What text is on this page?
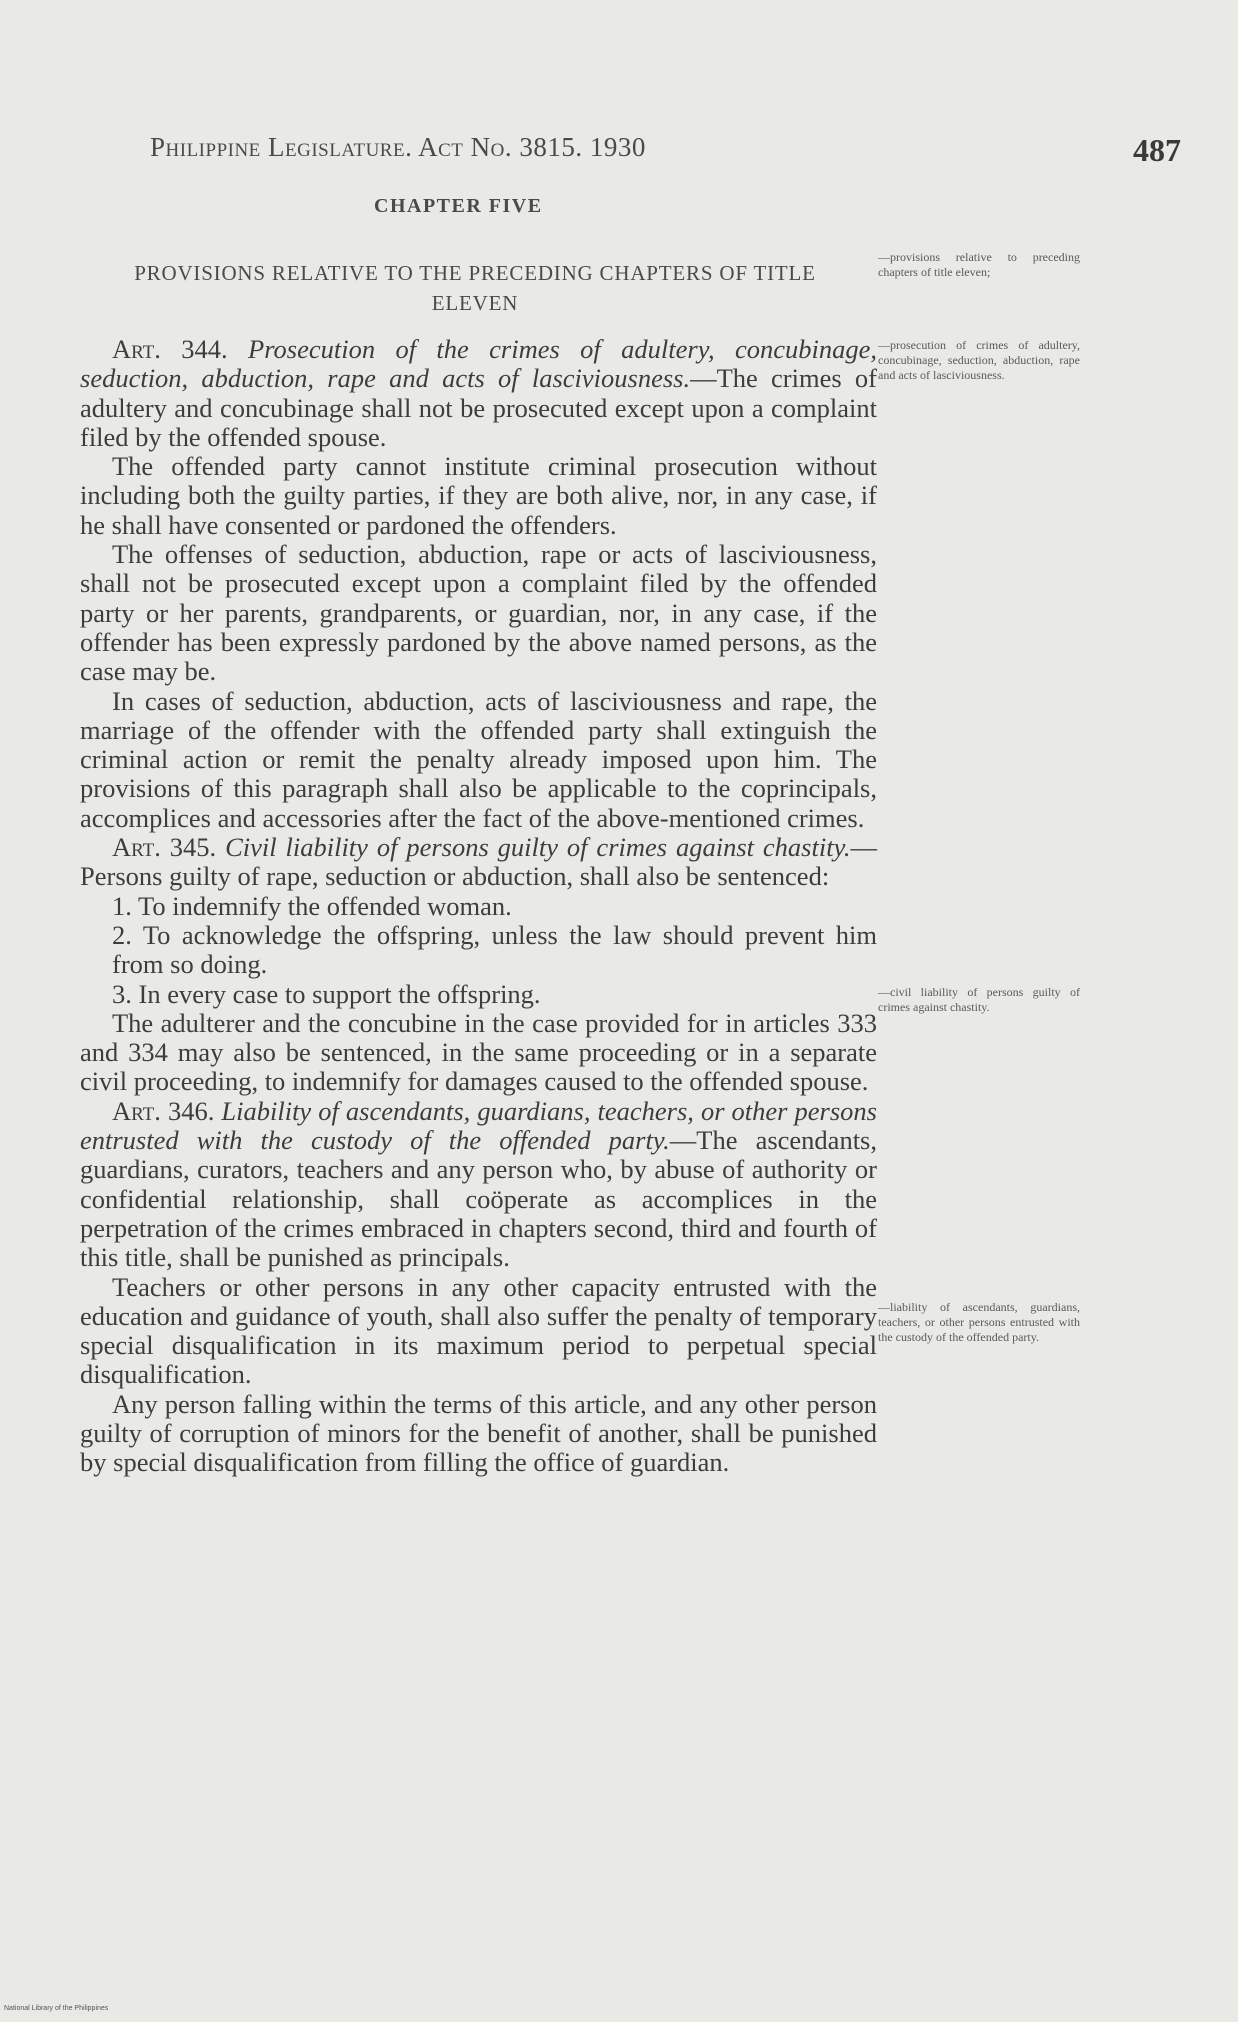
Philippine Legislature. Act No. 3815. 1930	487
CHAPTER FIVE
PROVISIONS RELATIVE TO THE PRECEDING CHAPTERS OF TITLE ELEVEN

Art. 344. Prosecution of the crimes of adultery, concubinage, seduction, abduction, rape and acts of lasciviousness.—The crimes of adultery and concubinage shall not be prosecuted except upon a complaint filed by the offended spouse.

The offended party cannot institute criminal prosecution without including both the guilty parties, if they are both alive, nor, in any case, if he shall have consented or pardoned the offenders.

The offenses of seduction, abduction, rape or acts of lasciviousness, shall not be prosecuted except upon a complaint filed by the offended party or her parents, grandparents, or guardian, nor, in any case, if the offender has been expressly pardoned by the above named persons, as the case may be.

In cases of seduction, abduction, acts of lasciviousness and rape, the marriage of the offender with the offended party shall extinguish the criminal action or remit the penalty already imposed upon him. The provisions of this paragraph shall also be applicable to the coprincipals, accomplices and accessories after the fact of the above-mentioned crimes.

Art. 345. Civil liability of persons guilty of crimes against chastity.—Persons guilty of rape, seduction or abduction, shall also be sentenced:

1. To indemnify the offended woman.

2. To acknowledge the offspring, unless the law should prevent him from so doing.

3. In every case to support the offspring.

The adulterer and the concubine in the case provided for in articles 333 and 334 may also be sentenced, in the same proceeding or in a separate civil proceeding, to indemnify for damages caused to the offended spouse.

Art. 346. Liability of ascendants, guardians, teachers, or other persons entrusted with the custody of the offended party.—The ascendants, guardians, curators, teachers and any person who, by abuse of authority or confidential relationship, shall coöperate as accomplices in the perpetration of the crimes embraced in chapters second, third and fourth of this title, shall be punished as principals.

Teachers or other persons in any other capacity entrusted with the education and guidance of youth, shall also suffer the penalty of temporary special disqualification in its maximum period to perpetual special disqualification.

Any person falling within the terms of this article, and any other person guilty of corruption of minors for the benefit of another, shall be punished by special disqualification from filling the office of guardian.

—provisions relative to preceding chapters of title eleven;
—prosecution of crimes of adultery, concubinage, seduction, abduction, rape and acts of lasciviousness.
—civil liability of persons guilty of crimes against chastity.
—liability of ascendants, guardians, teachers, or other persons entrusted with the custody of the offended party.
National Library of the Philippines
